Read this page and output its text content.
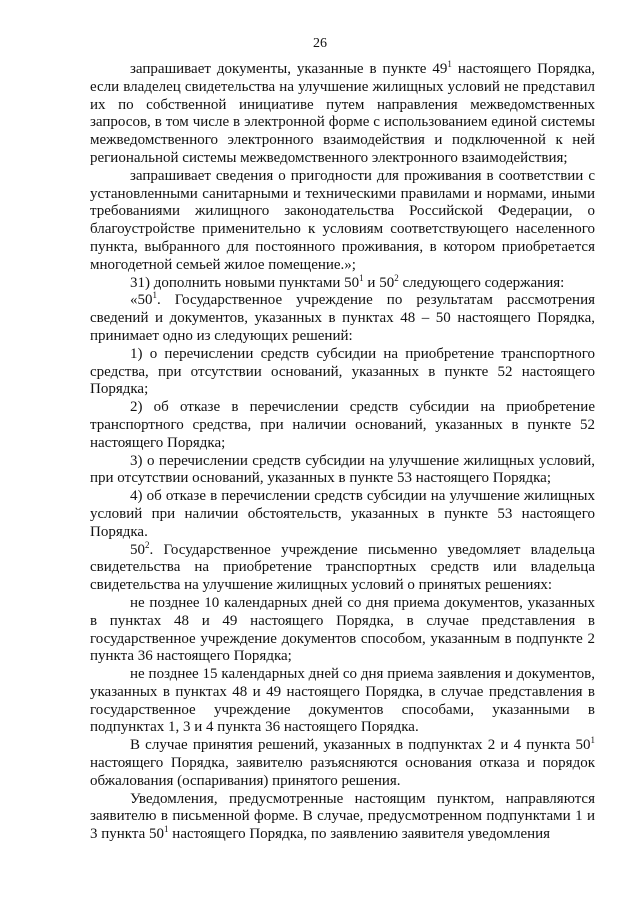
26

запрашивает документы, указанные в пункте $49^1$ настоящего Порядка, если владелец свидетельства на улучшение жилищных условий не представил их по собственной инициативе путем направления межведомственных запросов, в том числе в электронной форме с использованием единой системы межведомственного электронного взаимодействия и подключенной к ней региональной системы межведомственного электронного взаимодействия;

запрашивает сведения о пригодности для проживания в соответствии с установленными санитарными и техническими правилами и нормами, иными требованиями жилищного законодательства Российской Федерации, о благоустройстве применительно к условиям соответствующего населенного пункта, выбранного для постоянного проживания, в котором приобретается многодетной семьей жилое помещение.»;

31) дополнить новыми пунктами $50^1$ и $50^2$ следующего содержания:

«$50^1$. Государственное учреждение по результатам рассмотрения сведений и документов, указанных в пунктах 48 – 50 настоящего Порядка, принимает одно из следующих решений:

1) о перечислении средств субсидии на приобретение транспортного средства, при отсутствии оснований, указанных в пункте 52 настоящего Порядка;

2) об отказе в перечислении средств субсидии на приобретение транспортного средства, при наличии оснований, указанных в пункте 52 настоящего Порядка;

3) о перечислении средств субсидии на улучшение жилищных условий, при отсутствии оснований, указанных в пункте 53 настоящего Порядка;

4) об отказе в перечислении средств субсидии на улучшение жилищных условий при наличии обстоятельств, указанных в пункте 53 настоящего Порядка.

$50^2$. Государственное учреждение письменно уведомляет владельца свидетельства на приобретение транспортных средств или владельца свидетельства на улучшение жилищных условий о принятых решениях:

не позднее 10 календарных дней со дня приема документов, указанных в пунктах 48 и 49 настоящего Порядка, в случае представления в государственное учреждение документов способом, указанным в подпункте 2 пункта 36 настоящего Порядка;

не позднее 15 календарных дней со дня приема заявления и документов, указанных в пунктах 48 и 49 настоящего Порядка, в случае представления в государственное учреждение документов способами, указанными в подпунктах 1, 3 и 4 пункта 36 настоящего Порядка.

В случае принятия решений, указанных в подпунктах 2 и 4 пункта $50^1$ настоящего Порядка, заявителю разъясняются основания отказа и порядок обжалования (оспаривания) принятого решения.

Уведомления, предусмотренные настоящим пунктом, направляются заявителю в письменной форме. В случае, предусмотренном подпунктами 1 и 3 пункта $50^1$ настоящего Порядка, по заявлению заявителя уведомления
